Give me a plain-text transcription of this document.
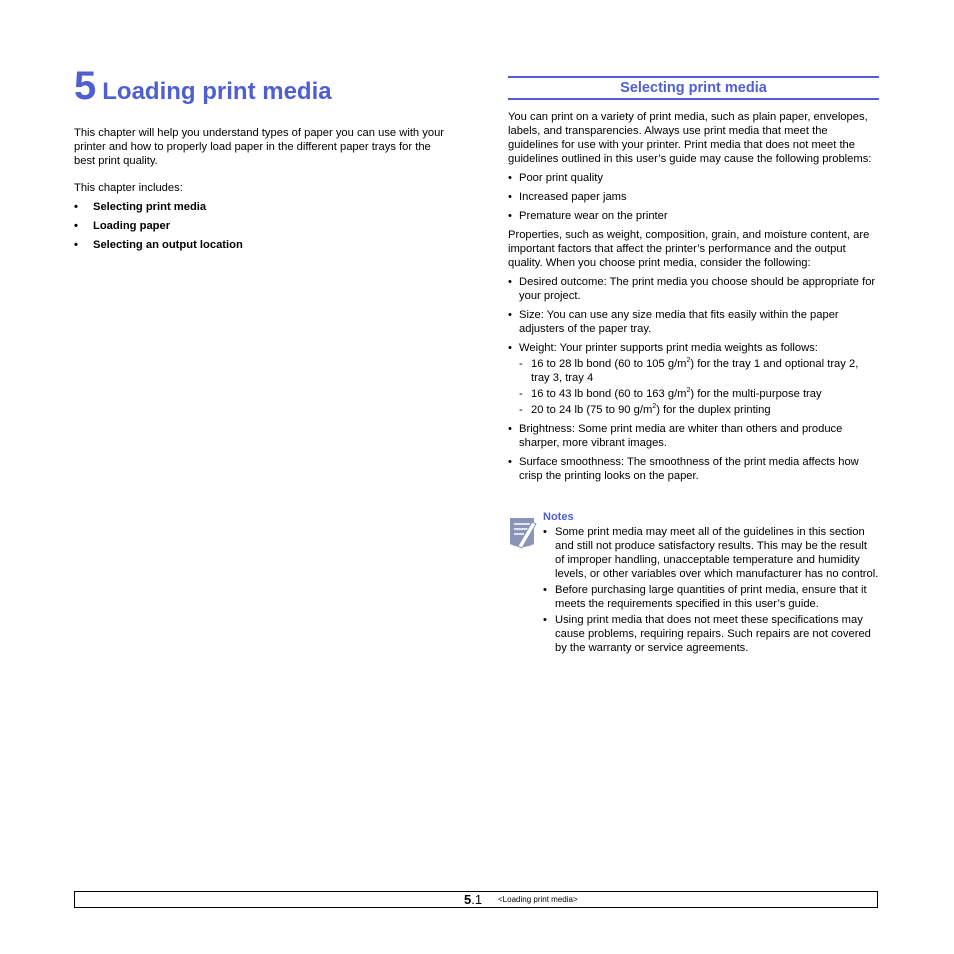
5 Loading print media

This chapter will help you understand types of paper you can use with your printer and how to properly load paper in the different paper trays for the best print quality.

This chapter includes:

• Selecting print media
• Loading paper
• Selecting an output location
Selecting print media

You can print on a variety of print media, such as plain paper, envelopes, labels, and transparencies. Always use print media that meet the guidelines for use with your printer. Print media that does not meet the guidelines outlined in this user’s guide may cause the following problems:

• Poor print quality
• Increased paper jams
• Premature wear on the printer

Properties, such as weight, composition, grain, and moisture content, are important factors that affect the printer’s performance and the output quality. When you choose print media, consider the following:

• Desired outcome: The print media you choose should be appropriate for your project.
• Size: You can use any size media that fits easily within the paper adjusters of the paper tray.
• Weight: Your printer supports print media weights as follows:
- 16 to 28 lb bond (60 to 105 $g/m^2$) for the tray 1 and optional tray 2, tray 3, tray 4
- 16 to 43 lb bond (60 to 163 $g/m^2$) for the multi-purpose tray
- 20 to 24 lb (75 to 90 $g/m^2$) for the duplex printing
• Brightness: Some print media are whiter than others and produce sharper, more vibrant images.
• Surface smoothness: The smoothness of the print media affects how crisp the printing looks on the paper.
Notes
• Some print media may meet all of the guidelines in this section and still not produce satisfactory results. This may be the result of improper handling, unacceptable temperature and humidity levels, or other variables over which manufacturer has no control.
• Before purchasing large quantities of print media, ensure that it meets the requirements specified in this user’s guide.
• Using print media that does not meet these specifications may cause problems, requiring repairs. Such repairs are not covered by the warranty or service agreements.
5.1 <Loading print media>
